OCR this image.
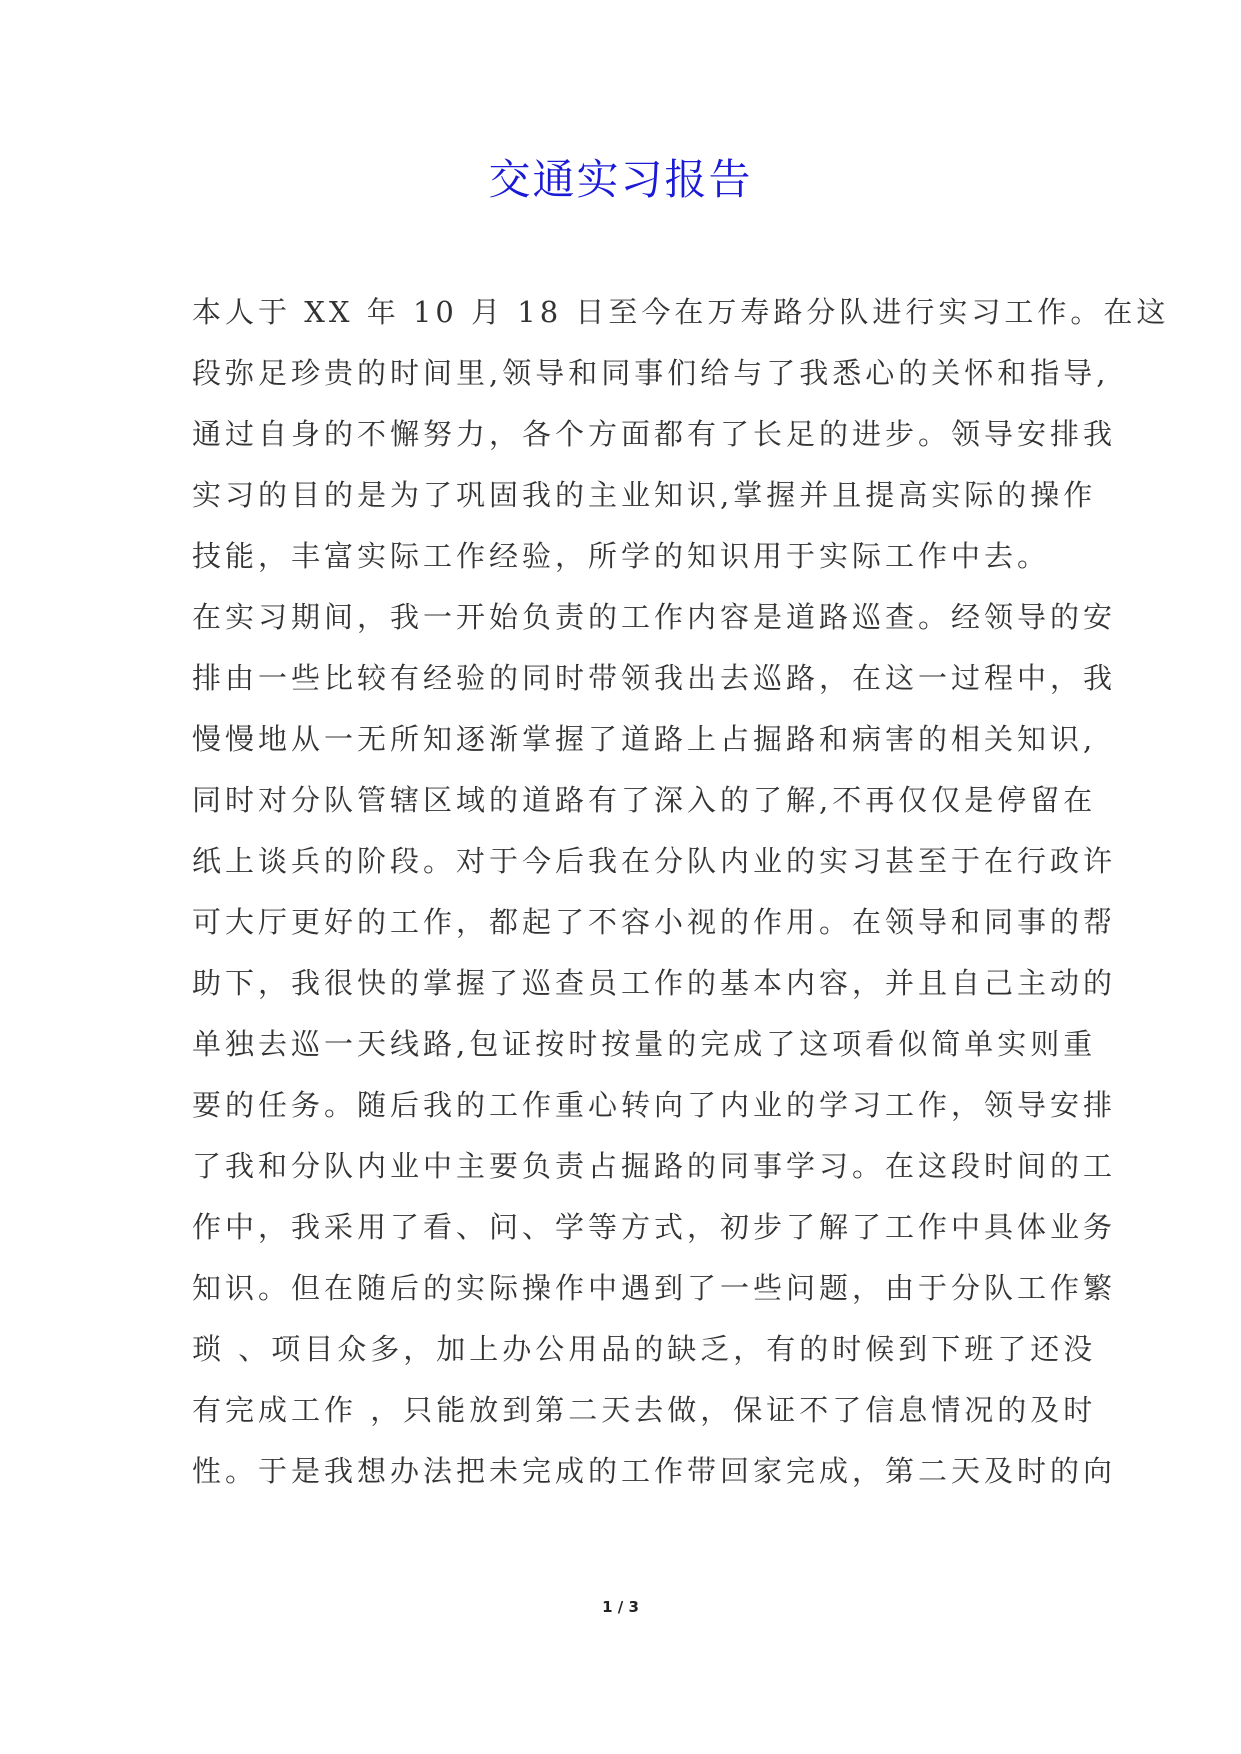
交通实习报告
本人于 XX 年 10 月 18 日至今在万寿路分队进行实习工作。在这
段弥足珍贵的时间里,领导和同事们给与了我悉心的关怀和指导,
通过自身的不懈努力，各个方面都有了长足的进步。领导安排我
实习的目的是为了巩固我的主业知识,掌握并且提高实际的操作
技能，丰富实际工作经验，所学的知识用于实际工作中去。
在实习期间，我一开始负责的工作内容是道路巡查。经领导的安
排由一些比较有经验的同时带领我出去巡路，在这一过程中，我
慢慢地从一无所知逐渐掌握了道路上占掘路和病害的相关知识,
同时对分队管辖区域的道路有了深入的了解,不再仅仅是停留在
纸上谈兵的阶段。对于今后我在分队内业的实习甚至于在行政许
可大厅更好的工作，都起了不容小视的作用。在领导和同事的帮
助下，我很快的掌握了巡查员工作的基本内容，并且自己主动的
单独去巡一天线路,包证按时按量的完成了这项看似简单实则重
要的任务。随后我的工作重心转向了内业的学习工作，领导安排
了我和分队内业中主要负责占掘路的同事学习。在这段时间的工
作中，我采用了看、问、学等方式，初步了解了工作中具体业务
知识。但在随后的实际操作中遇到了一些问题，由于分队工作繁
琐 、项目众多，加上办公用品的缺乏，有的时候到下班了还没
有完成工作 ，只能放到第二天去做，保证不了信息情况的及时
性。于是我想办法把未完成的工作带回家完成，第二天及时的向
1 / 3
